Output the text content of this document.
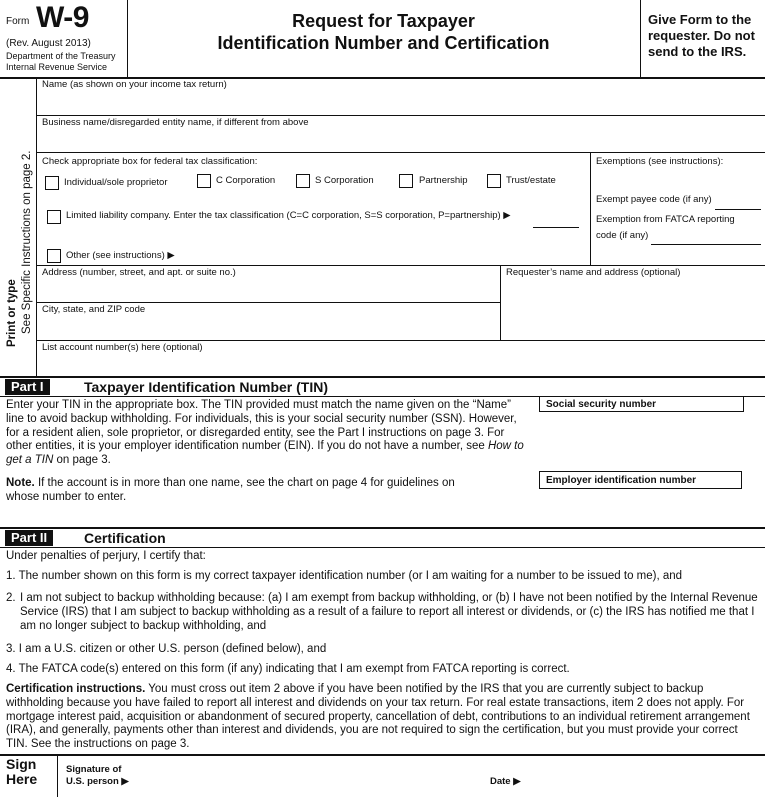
Form W-9
(Rev. August 2013)
Department of the Treasury
Internal Revenue Service
Request for Taxpayer
Identification Number and Certification
Give Form to the
requester. Do not
send to the IRS.
Print or type See Specific Instructions on page 2.
Name (as shown on your income tax return)
Business name/disregarded entity name, if different from above
Check appropriate box for federal tax classification:
Individual/sole proprietor	C Corporation	S Corporation	Partnership	Trust/estate
Limited liability company. Enter the tax classification (C=C corporation, S=S corporation, P=partnership) ▶
Other (see instructions) ▶
Exemptions (see instructions):
Exempt payee code (if any)
Exemption from FATCA reporting
code (if any)
Address (number, street, and apt. or suite no.)	Requester’s name and address (optional)
City, state, and ZIP code
List account number(s) here (optional)
Part I	Taxpayer Identification Number (TIN)
Enter your TIN in the appropriate box. The TIN provided must match the name given on the “Name” line to avoid backup withholding. For individuals, this is your social security number (SSN). However, for a resident alien, sole proprietor, or disregarded entity, see the Part I instructions on page 3. For other entities, it is your employer identification number (EIN). If you do not have a number, see How to get a TIN on page 3.
Note. If the account is in more than one name, see the chart on page 4 for guidelines on whose number to enter.
Social security number
Employer identification number
Part II	Certification
Under penalties of perjury, I certify that:
1. The number shown on this form is my correct taxpayer identification number (or I am waiting for a number to be issued to me), and
2. I am not subject to backup withholding because: (a) I am exempt from backup withholding, or (b) I have not been notified by the Internal Revenue Service (IRS) that I am subject to backup withholding as a result of a failure to report all interest or dividends, or (c) the IRS has notified me that I am no longer subject to backup withholding, and
3. I am a U.S. citizen or other U.S. person (defined below), and
4. The FATCA code(s) entered on this form (if any) indicating that I am exempt from FATCA reporting is correct.
Certification instructions. You must cross out item 2 above if you have been notified by the IRS that you are currently subject to backup withholding because you have failed to report all interest and dividends on your tax return. For real estate transactions, item 2 does not apply. For mortgage interest paid, acquisition or abandonment of secured property, cancellation of debt, contributions to an individual retirement arrangement (IRA), and generally, payments other than interest and dividends, you are not required to sign the certification, but you must provide your correct TIN. See the instructions on page 3.
Sign
Here
Signature of
U.S. person ▶	Date ▶
